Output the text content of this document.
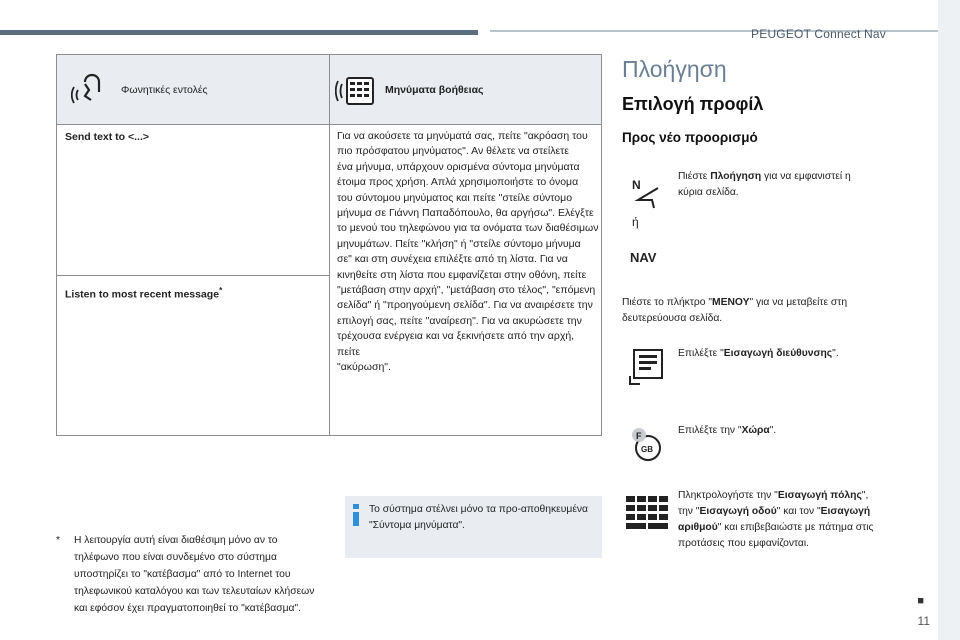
PEUGEOT Connect Nav
Φωνητικές εντολές	Μηνύματα βοήθειας
Send text to <...>
Listen to most recent message*
Για να ακούσετε τα μηνύματά σας, πείτε "ακρόαση του
πιο πρόσφατου μηνύματος". Αν θέλετε να στείλετε
ένα μήνυμα, υπάρχουν ορισμένα σύντομα μηνύματα
έτοιμα προς χρήση. Απλά χρησιμοποιήστε το όνομα
του σύντομου μηνύματος και πείτε "στείλε σύντομο
μήνυμα σε Γιάννη Παπαδόπουλο, θα αργήσω". Ελέγξτε
το μενού του τηλεφώνου για τα ονόματα των διαθέσιμων
μηνυμάτων. Πείτε "κλήση" ή "στείλε σύντομο μήνυμα
σε" και στη συνέχεια επιλέξτε από τη λίστα. Για να
κινηθείτε στη λίστα που εμφανίζεται στην οθόνη, πείτε
"μετάβαση στην αρχή", "μετάβαση στο τέλος", "επόμενη
σελίδα" ή "προηγούμενη σελίδα". Για να αναιρέσετε την
επιλογή σας, πείτε "αναίρεση". Για να ακυρώσετε την
τρέχουσα ενέργεια και να ξεκινήσετε από την αρχή, πείτε
"ακύρωση".
* Η λειτουργία αυτή είναι διαθέσιμη μόνο αν το
τηλέφωνο που είναι συνδεμένο στο σύστημα
υποστηρίζει το "κατέβασμα" από το Internet του
τηλεφωνικού καταλόγου και των τελευταίων κλήσεων
και εφόσον έχει πραγματοποιηθεί το "κατέβασμα".
Το σύστημα στέλνει μόνο τα προ-αποθηκευμένα
"Σύντομα μηνύματα".
Πλοήγηση
Επιλογή προφίλ
Προς νέο προορισμό
N
Πιέστε Πλοήγηση για να εμφανιστεί η
κύρια σελίδα.
ή
NAV
Πιέστε το πλήκτρο "ΜΕΝΟΥ" για να μεταβείτε στη
δευτερεύουσα σελίδα.
Επιλέξτε "Εισαγωγή διεύθυνσης".
F
GB
Επιλέξτε την "Χώρα".
Πληκτρολογήστε την "Εισαγωγή πόλης",
την "Εισαγωγή οδού" και τον "Εισαγωγή
αριθμού" και επιβεβαιώστε με πάτημα στις
προτάσεις που εμφανίζονται.
■
11
